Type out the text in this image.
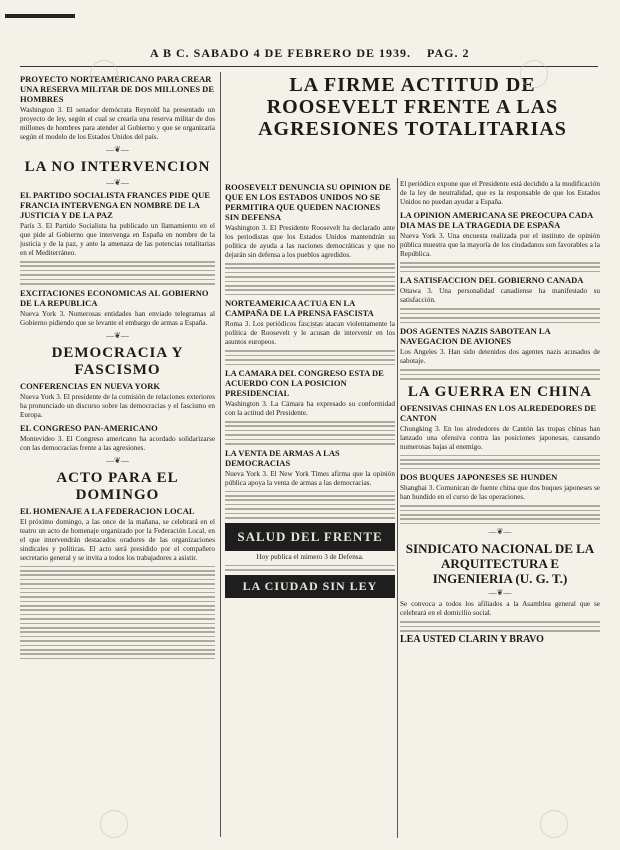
A B C. SABADO 4 DE FEBRERO DE 1939. PAG. 2
PROYECTO NORTEAMERICANO PARA CREAR UNA RESERVA MILITAR DE DOS MILLONES DE HOMBRES

Washington 3. El senador demócrata Reynold ha presentado un proyecto de ley, según el cual se crearía una reserva militar de dos millones de hombres para atender al Gobierno y que se organizaría según el modelo de los Estados Unidos del país.

—❦—
LA NO INTERVENCION
—❦—
EL PARTIDO SOCIALISTA FRANCES PIDE QUE FRANCIA INTERVENGA EN NOMBRE DE LA JUSTICIA Y DE LA PAZ

París 3. El Partido Socialista ha publicado un llamamiento en el que pide al Gobierno que intervenga en España en nombre de la justicia y de la paz, y ante la amenaza de las potencias totalitarias en el Mediterráneo.

EXCITACIONES ECONOMICAS AL GOBIERNO DE LA REPUBLICA

Nueva York 3. Numerosas entidades han enviado telegramas al Gobierno pidiendo que se levante el embargo de armas a España.

—❦—
DEMOCRACIA Y FASCISMO
CONFERENCIAS EN NUEVA YORK

Nueva York 3. El presidente de la comisión de relaciones exteriores ha pronunciado un discurso sobre las democracias y el fascismo en Europa.

EL CONGRESO PAN-AMERICANO

Montevideo 3. El Congreso americano ha acordado solidarizarse con las democracias frente a las agresiones.

—❦—
ACTO PARA EL DOMINGO
EL HOMENAJE A LA FEDERACION LOCAL

El próximo domingo, a las once de la mañana, se celebrará en el teatro un acto de homenaje organizado por la Federación Local, en el que intervendrán destacados oradores de las organizaciones sindicales y políticas. El acto será presidido por el compañero secretario general y se invita a todos los trabajadores a asistir.

LA FIRME ACTITUD DE ROOSEVELT FRENTE A LAS AGRESIONES TOTALITARIAS
ROOSEVELT DENUNCIA SU OPINION DE QUE EN LOS ESTADOS UNIDOS NO SE PERMITIRA QUE QUEDEN NACIONES SIN DEFENSA

Washington 3. El Presidente Roosevelt ha declarado ante los periodistas que los Estados Unidos mantendrán su política de ayuda a las naciones democráticas y que no dejarán sin defensa a los pueblos agredidos.

NORTEAMERICA ACTUA EN LA CAMPAÑA DE LA PRENSA FASCISTA

Roma 3. Los periódicos fascistas atacan violentamente la política de Roosevelt y le acusan de intervenir en los asuntos europeos.

LA CAMARA DEL CONGRESO ESTA DE ACUERDO CON LA POSICION PRESIDENCIAL

Washington 3. La Cámara ha expresado su conformidad con la actitud del Presidente.

LA VENTA DE ARMAS A LAS DEMOCRACIAS

Nueva York 3. El New York Times afirma que la opinión pública apoya la venta de armas a las democracias.

SALUD DEL FRENTE

Hoy publica el número 3 de Defensa.

LA CIUDAD SIN LEY

El periódico expone que el Presidente está decidido a la modificación de la ley de neutralidad, que es la responsable de que los Estados Unidos no puedan ayudar a España.

LA OPINION AMERICANA SE PREOCUPA CADA DIA MAS DE LA TRAGEDIA DE ESPAÑA

Nueva York 3. Una encuesta realizada por el instituto de opinión pública muestra que la mayoría de los ciudadanos son favorables a la República.

LA SATISFACCION DEL GOBIERNO CANADA

Ottawa 3. Una personalidad canadiense ha manifestado su satisfacción.

DOS AGENTES NAZIS SABOTEAN LA NAVEGACION DE AVIONES

Los Angeles 3. Han sido detenidos dos agentes nazis acusados de sabotaje.

LA GUERRA EN CHINA
OFENSIVAS CHINAS EN LOS ALREDEDORES DE CANTON

Chungking 3. En los alrededores de Cantón las tropas chinas han lanzado una ofensiva contra las posiciones japonesas, causando numerosas bajas al enemigo.

DOS BUQUES JAPONESES SE HUNDEN

Shanghai 3. Comunican de fuente china que dos buques japoneses se han hundido en el curso de las operaciones.

—❦—
SINDICATO NACIONAL DE LA ARQUITECTURA E INGENIERIA (U. G. T.)
—❦—

Se convoca a todos los afiliados a la Asamblea general que se celebrará en el domicilio social.

LEA USTED CLARIN Y BRAVO
